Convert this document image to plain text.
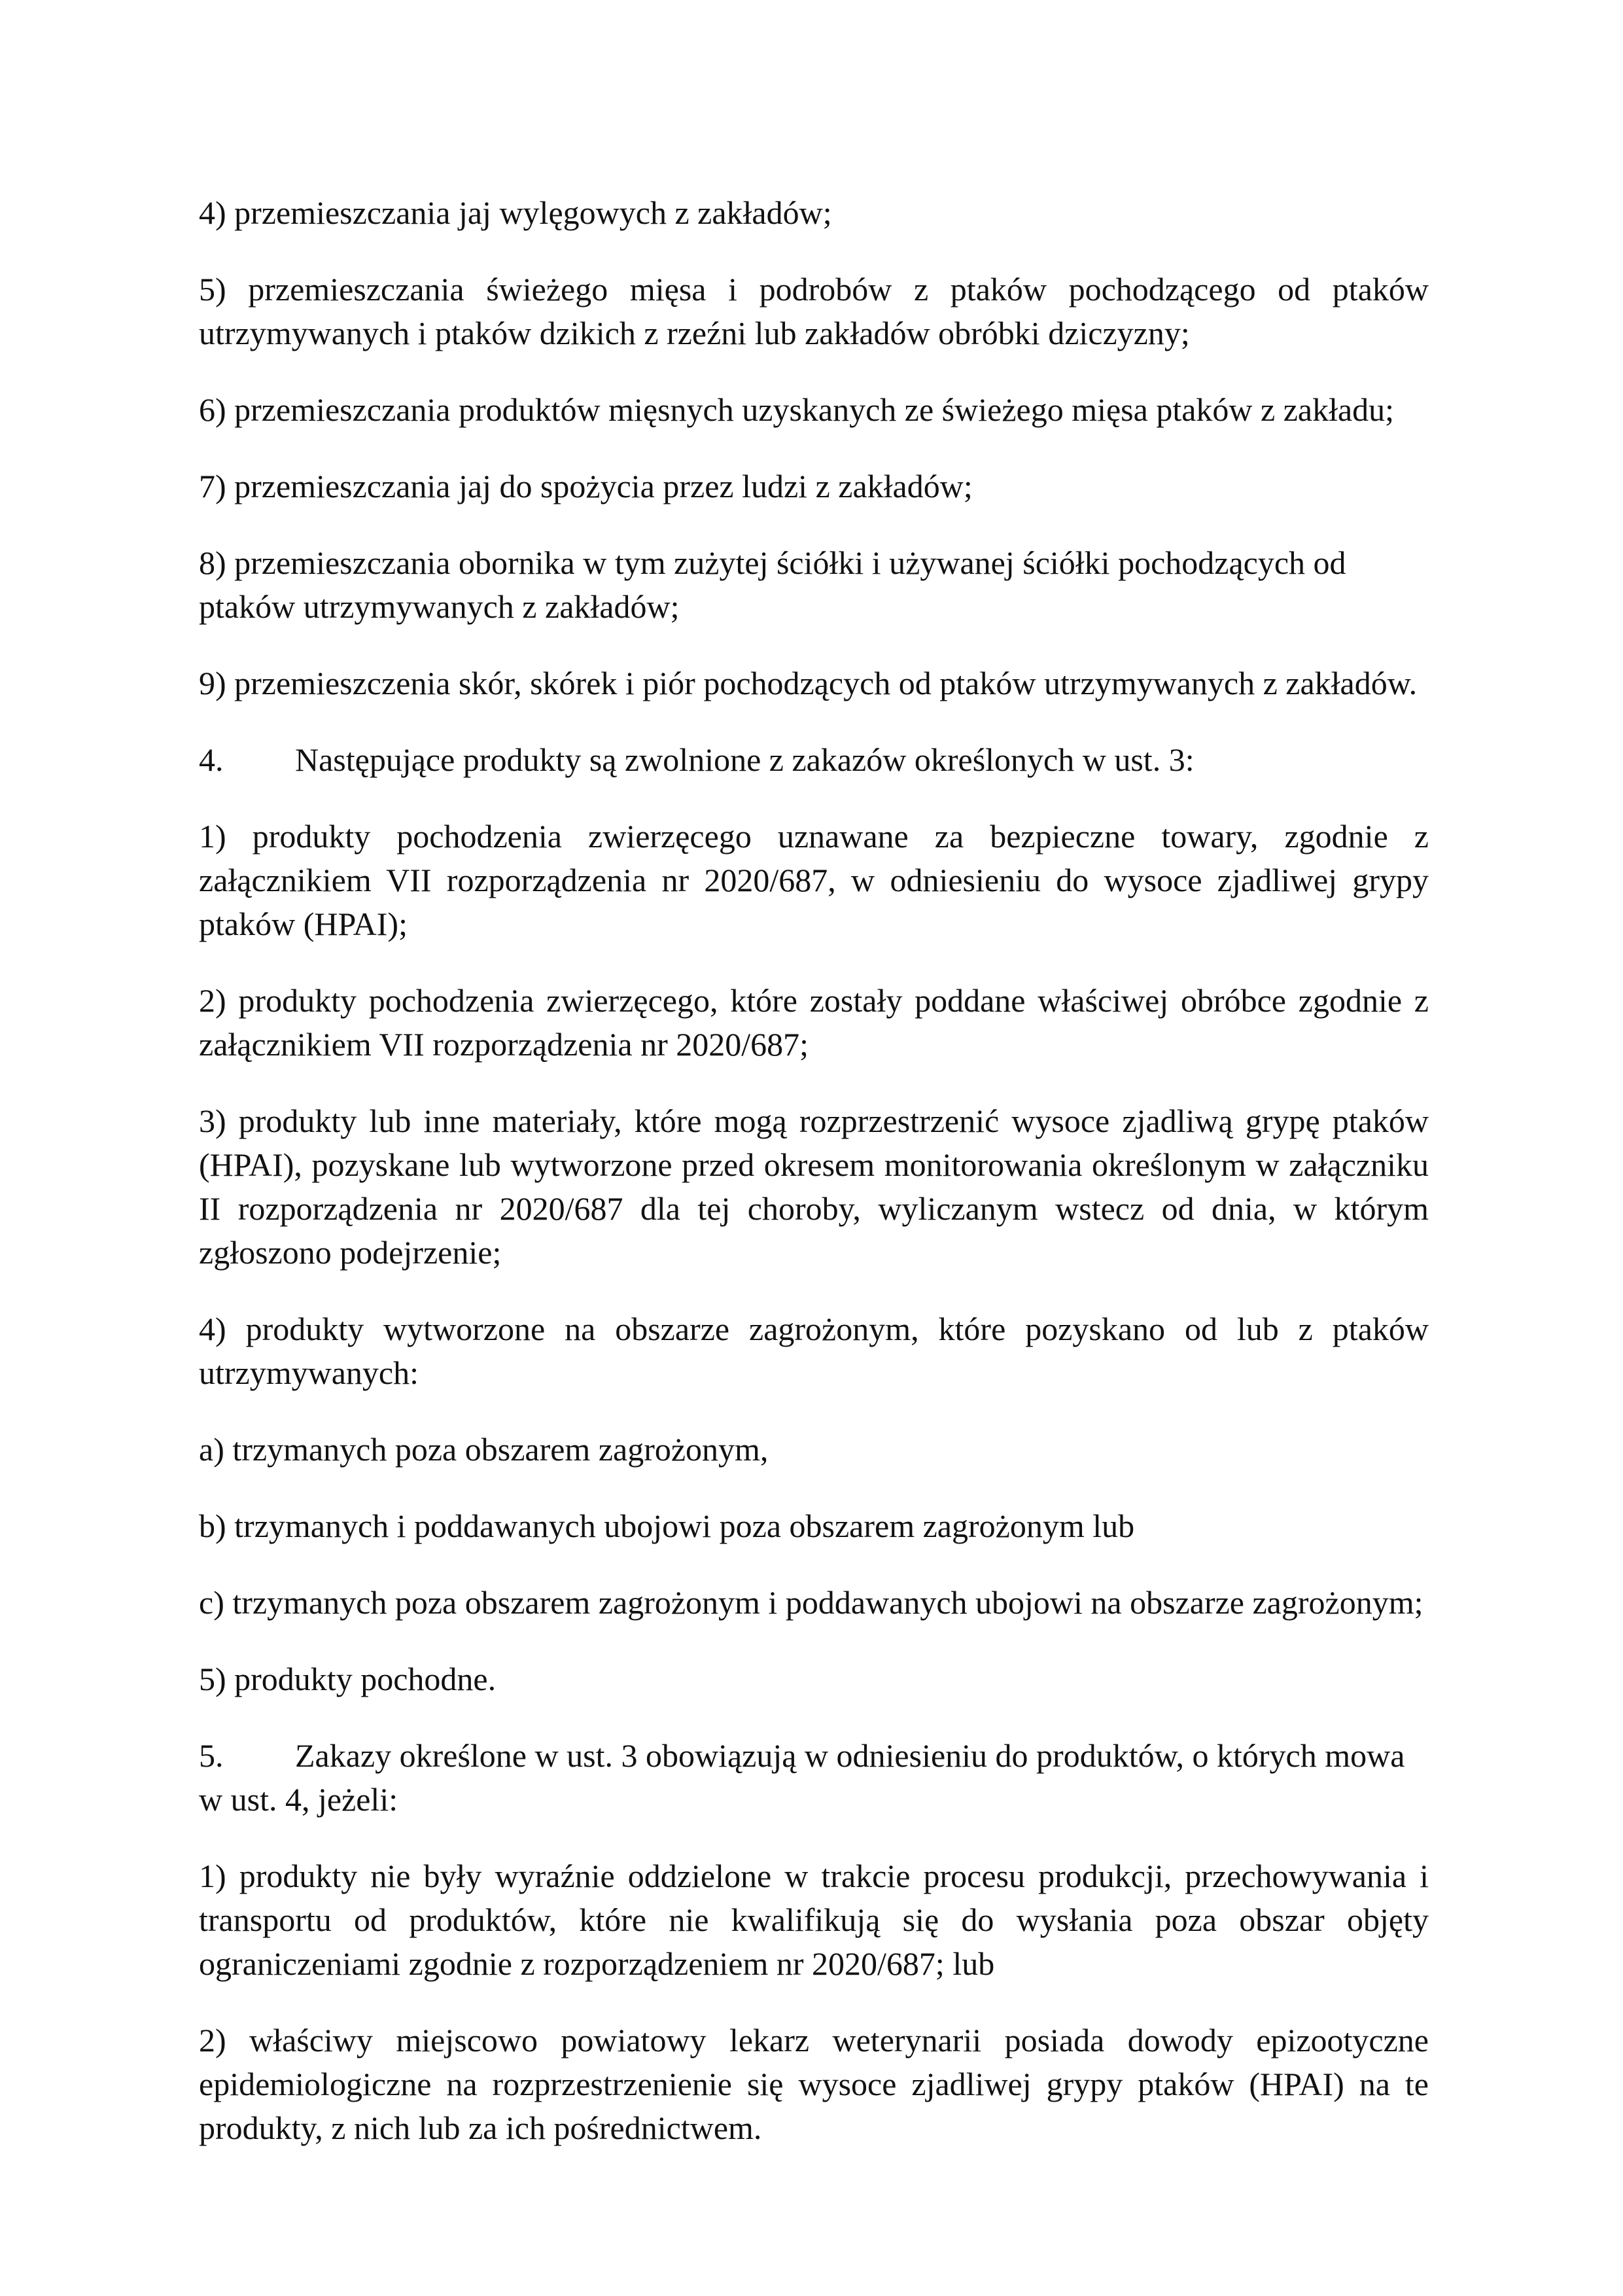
4) przemieszczania jaj wylęgowych z zakładów;

5) przemieszczania świeżego mięsa i podrobów z ptaków pochodzącego od ptaków utrzymywanych i ptaków dzikich z rzeźni lub zakładów obróbki dziczyzny;

6) przemieszczania produktów mięsnych uzyskanych ze świeżego mięsa ptaków z zakładu;

7) przemieszczania jaj do spożycia przez ludzi z zakładów;

8) przemieszczania obornika w tym zużytej ściółki i używanej ściółki pochodzących od ptaków utrzymywanych z zakładów;

9) przemieszczenia skór, skórek i piór pochodzących od ptaków utrzymywanych z zakładów.

4. Następujące produkty są zwolnione z zakazów określonych w ust. 3:

1) produkty pochodzenia zwierzęcego uznawane za bezpieczne towary, zgodnie z załącznikiem VII rozporządzenia nr 2020/687, w odniesieniu do wysoce zjadliwej grypy ptaków (HPAI);

2) produkty pochodzenia zwierzęcego, które zostały poddane właściwej obróbce zgodnie z załącznikiem VII rozporządzenia nr 2020/687;

3) produkty lub inne materiały, które mogą rozprzestrzenić wysoce zjadliwą grypę ptaków (HPAI), pozyskane lub wytworzone przed okresem monitorowania określonym w załączniku II rozporządzenia nr 2020/687 dla tej choroby, wyliczanym wstecz od dnia, w którym zgłoszono podejrzenie;

4) produkty wytworzone na obszarze zagrożonym, które pozyskano od lub z ptaków utrzymywanych:

a) trzymanych poza obszarem zagrożonym,

b) trzymanych i poddawanych ubojowi poza obszarem zagrożonym lub

c) trzymanych poza obszarem zagrożonym i poddawanych ubojowi na obszarze zagrożonym;

5) produkty pochodne.

5. Zakazy określone w ust. 3 obowiązują w odniesieniu do produktów, o których mowa w ust. 4, jeżeli:

1) produkty nie były wyraźnie oddzielone w trakcie procesu produkcji, przechowywania i transportu od produktów, które nie kwalifikują się do wysłania poza obszar objęty ograniczeniami zgodnie z rozporządzeniem nr 2020/687; lub

2) właściwy miejscowo powiatowy lekarz weterynarii posiada dowody epizootyczne epidemiologiczne na rozprzestrzenienie się wysoce zjadliwej grypy ptaków (HPAI) na te produkty, z nich lub za ich pośrednictwem.
